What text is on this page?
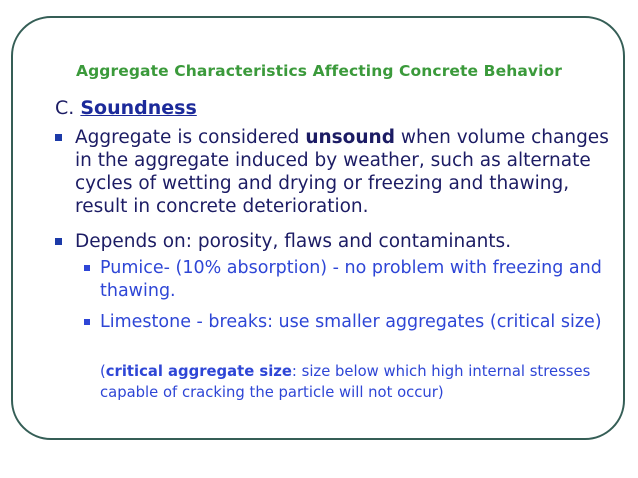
Aggregate Characteristics Affecting Concrete Behavior
C. Soundness
Aggregate is considered unsound when volume changes in the aggregate induced by weather, such as alternate cycles of wetting and drying or freezing and thawing, result in concrete deterioration.
Depends on: porosity, flaws and contaminants.
Pumice- (10% absorption) - no problem with freezing and thawing.
Limestone - breaks: use smaller aggregates (critical size)
(critical aggregate size: size below which high internal stresses capable of cracking the particle will not occur)
